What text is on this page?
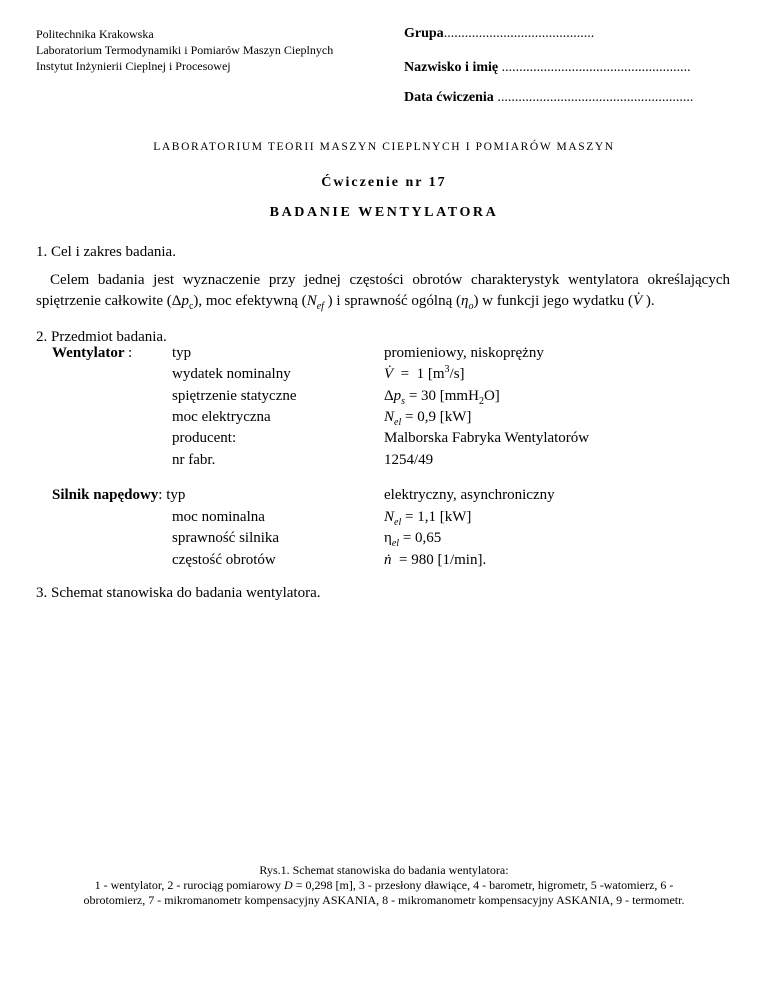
Politechnika Krakowska
Laboratorium Termodynamiki i Pomiarów Maszyn Cieplnych
Instytut Inżynierii Cieplnej i Procesowej
Grupa...........................................
Nazwisko i imię ......................................................
Data ćwiczenia ........................................................
LABORATORIUM TEORII MASZYN CIEPLNYCH I POMIARÓW MASZYN
Ćwiczenie nr 17
BADANIE WENTYLATORA
1. Cel i zakres badania.
Celem badania jest wyznaczenie przy jednej częstości obrotów charakterystyk wentylatora określających
spiętrzenie całkowite $(\Delta p_c)$, moc efektywną ($N_{ef}$ ) i sprawność ogólną $(\eta_o)$ w funkcji jego wydatku (V̇ ).
2. Przedmiot badania.
Wentylator :	typ
wydatek nominalny
spiętrzenie statyczne
moc elektryczna
producent:
nr fabr.
promieniowy, niskoprężny
V̇  =  1 $[m^3/s]$
$\Delta p_s = 30$ [mmH$_2$O]
$N_{el} = 0,9$ [kW]
Malborska Fabryka Wentylatorów
1254/49
Silnik napędowy: typ
moc nominalna
sprawność silnika
częstość obrotów
elektryczny, asynchroniczny
$N_{el} = 1,1$ [kW]
$\eta_{el} = 0,65$
ṅ  = 980 [1/min].
3. Schemat stanowiska do badania wentylatora.
Rys.1. Schemat stanowiska do badania wentylatora:
1 - wentylator, 2 - rurociąg pomiarowy D = 0,298 [m], 3 - przesłony dławiące, 4 - barometr, higrometr, 5 -watomierz, 6 -
obrotomierz, 7 - mikromanometr kompensacyjny ASKANIA, 8 - mikromanometr kompensacyjny ASKANIA, 9 - termometr.
